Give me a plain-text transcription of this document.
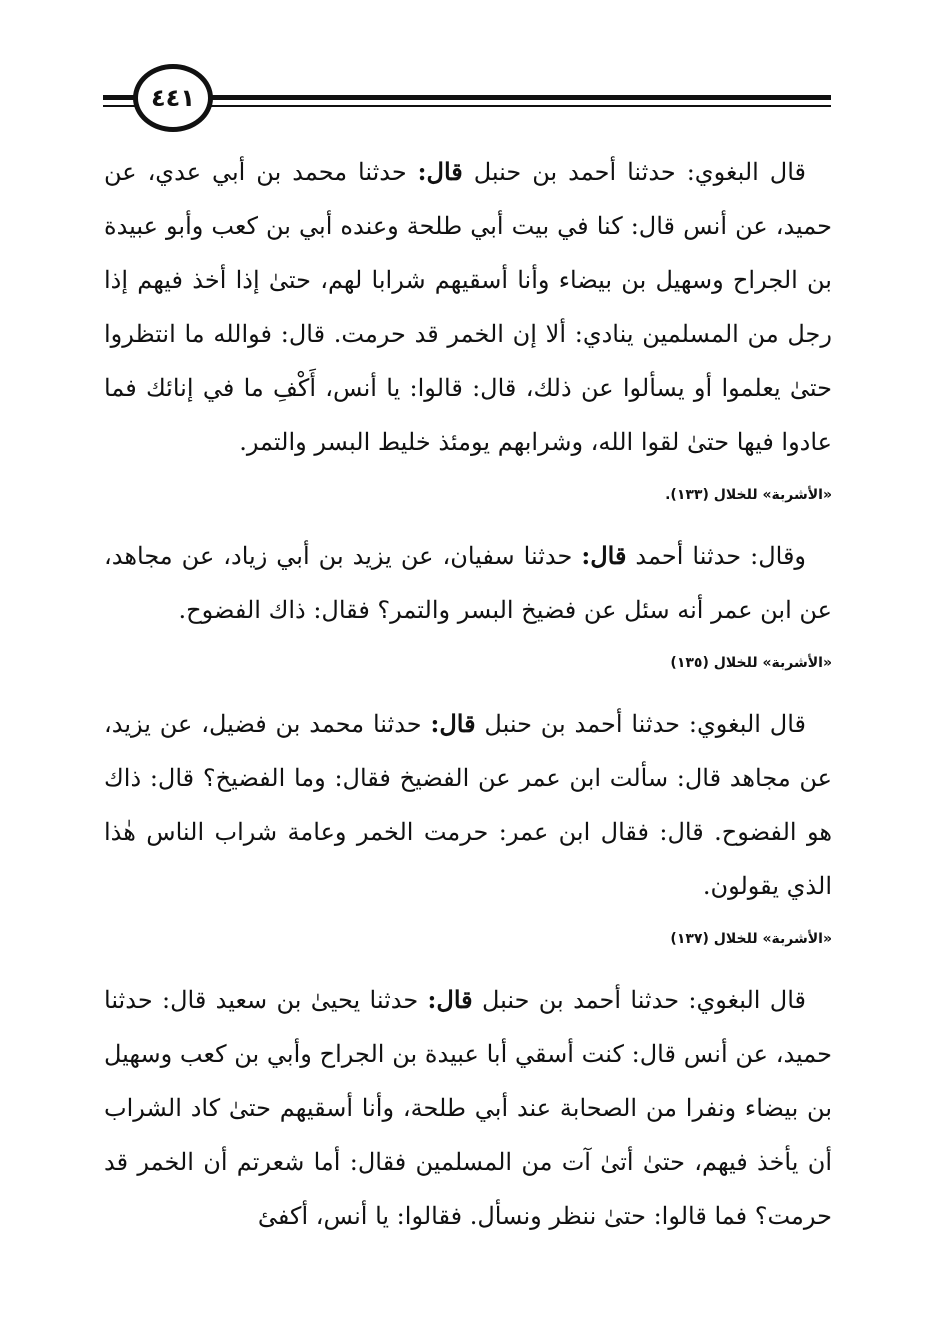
٤٤١

قال البغوي: حدثنا أحمد بن حنبل قال: حدثنا محمد بن أبي عدي، عن حميد، عن أنس قال: كنا في بيت أبي طلحة وعنده أبي بن كعب وأبو عبيدة بن الجراح وسهيل بن بيضاء وأنا أسقيهم شرابا لهم، حتىٰ إذا أخذ فيهم إذا رجل من المسلمين ينادي: ألا إن الخمر قد حرمت. قال: فوالله ما انتظروا حتىٰ يعلموا أو يسألوا عن ذلك، قال: قالوا: يا أنس، أَكْفِ ما في إنائك فما عادوا فيها حتىٰ لقوا الله، وشرابهم يومئذ خليط البسر والتمر.

«الأشربة» للخلال (١٣٣).

وقال: حدثنا أحمد قال: حدثنا سفيان، عن يزيد بن أبي زياد، عن مجاهد، عن ابن عمر أنه سئل عن فضيخ البسر والتمر؟ فقال: ذاك الفضوح.

«الأشربة» للخلال (١٣٥)

قال البغوي: حدثنا أحمد بن حنبل قال: حدثنا محمد بن فضيل، عن يزيد، عن مجاهد قال: سألت ابن عمر عن الفضيخ فقال: وما الفضيخ؟ قال: ذاك هو الفضوح. قال: فقال ابن عمر: حرمت الخمر وعامة شراب الناس هٰذا الذي يقولون.

«الأشربة» للخلال (١٣٧)

قال البغوي: حدثنا أحمد بن حنبل قال: حدثنا يحيىٰ بن سعيد قال: حدثنا حميد، عن أنس قال: كنت أسقي أبا عبيدة بن الجراح وأبي بن كعب وسهيل بن بيضاء ونفرا من الصحابة عند أبي طلحة، وأنا أسقيهم حتىٰ كاد الشراب أن يأخذ فيهم، حتىٰ أتىٰ آت من المسلمين فقال: أما شعرتم أن الخمر قد حرمت؟ فما قالوا: حتىٰ ننظر ونسأل. فقالوا: يا أنس، أكفئ
